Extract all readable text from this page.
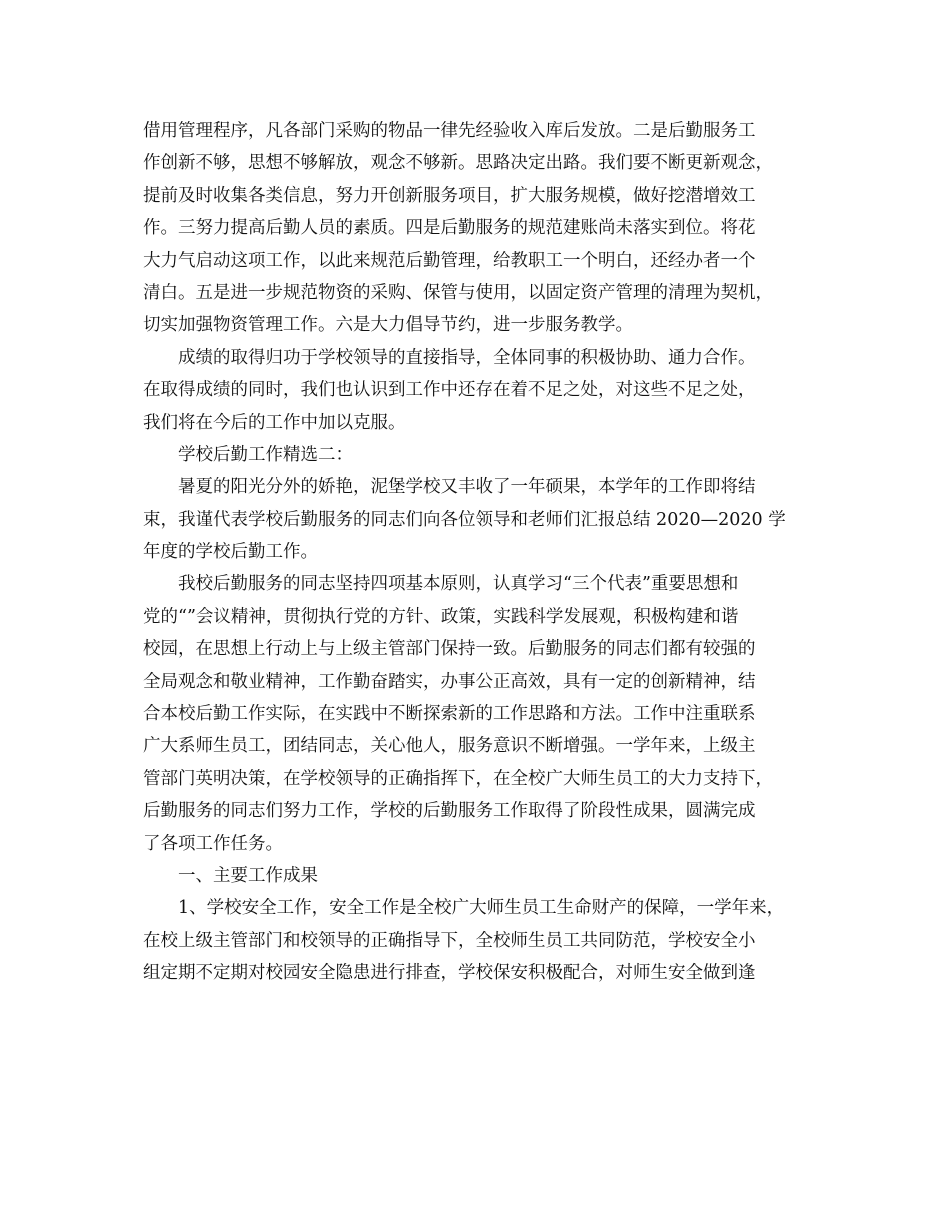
借用管理程序，凡各部门采购的物品一律先经验收入库后发放。二是后勤服务工
作创新不够，思想不够解放，观念不够新。思路决定出路。我们要不断更新观念，
提前及时收集各类信息，努力开创新服务项目，扩大服务规模，做好挖潜增效工
作。三努力提高后勤人员的素质。四是后勤服务的规范建账尚未落实到位。将花
大力气启动这项工作，以此来规范后勤管理，给教职工一个明白，还经办者一个
清白。五是进一步规范物资的采购、保管与使用，以固定资产管理的清理为契机，
切实加强物资管理工作。六是大力倡导节约，进一步服务教学。
成绩的取得归功于学校领导的直接指导，全体同事的积极协助、通力合作。
在取得成绩的同时，我们也认识到工作中还存在着不足之处，对这些不足之处，
我们将在今后的工作中加以克服。
学校后勤工作精选二：
暑夏的阳光分外的娇艳，泥堡学校又丰收了一年硕果，本学年的工作即将结
束，我谨代表学校后勤服务的同志们向各位领导和老师们汇报总结 2020—2020 学
年度的学校后勤工作。
我校后勤服务的同志坚持四项基本原则，认真学习“三个代表”重要思想和
党的“”会议精神，贯彻执行党的方针、政策，实践科学发展观，积极构建和谐
校园，在思想上行动上与上级主管部门保持一致。后勤服务的同志们都有较强的
全局观念和敬业精神，工作勤奋踏实，办事公正高效，具有一定的创新精神，结
合本校后勤工作实际，在实践中不断探索新的工作思路和方法。工作中注重联系
广大系师生员工，团结同志，关心他人，服务意识不断增强。一学年来，上级主
管部门英明决策，在学校领导的正确指挥下，在全校广大师生员工的大力支持下，
后勤服务的同志们努力工作，学校的后勤服务工作取得了阶段性成果，圆满完成
了各项工作任务。
一、主要工作成果
1、学校安全工作，安全工作是全校广大师生员工生命财产的保障，一学年来，
在校上级主管部门和校领导的正确指导下，全校师生员工共同防范，学校安全小
组定期不定期对校园安全隐患进行排查，学校保安积极配合，对师生安全做到逢
